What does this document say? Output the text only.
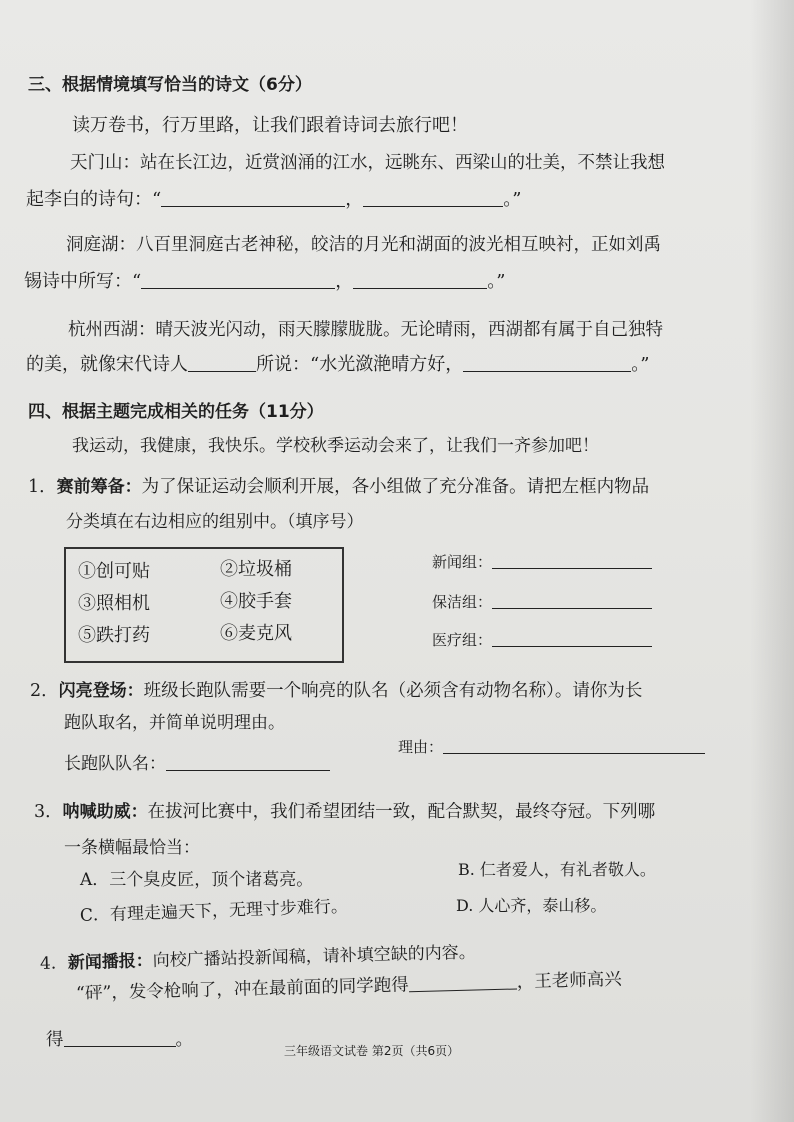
三、根据情境填写恰当的诗文（6分）
读万卷书，行万里路，让我们跟着诗词去旅行吧！
天门山：站在长江边，近赏汹涌的江水，远眺东、西梁山的壮美，不禁让我想
起李白的诗句：“	，	。”
洞庭湖：八百里洞庭古老神秘，皎洁的月光和湖面的波光相互映衬，正如刘禹
锡诗中所写：“	，	。”
杭州西湖：晴天波光闪动，雨天朦朦胧胧。无论晴雨，西湖都有属于自己独特
的美，就像宋代诗人	所说：“水光潋滟晴方好，	。”
四、根据主题完成相关的任务（11分）
我运动，我健康，我快乐。学校秋季运动会来了，让我们一齐参加吧！
1．赛前筹备：为了保证运动会顺利开展，各小组做了充分准备。请把左框内物品
分类填在右边相应的组别中。（填序号）
①创可贴	②垃圾桶
③照相机	④胶手套
⑤跌打药	⑥麦克风
新闻组：
保洁组：
医疗组：
2．闪亮登场：班级长跑队需要一个响亮的队名（必须含有动物名称）。请你为长
跑队取名，并简单说明理由。
理由：
长跑队队名：
3．呐喊助威：在拔河比赛中，我们希望团结一致，配合默契，最终夺冠。下列哪
一条横幅最恰当：
A．三个臭皮匠，顶个诸葛亮。
B. 仁者爱人，有礼者敬人。
C．有理走遍天下，无理寸步难行。	D. 人心齐，泰山移。
4．新闻播报：向校广播站投新闻稿，请补填空缺的内容。
“砰”，发令枪响了，冲在最前面的同学跑得	，王老师高兴
得	。
三年级语文试卷 第2页（共6页）
